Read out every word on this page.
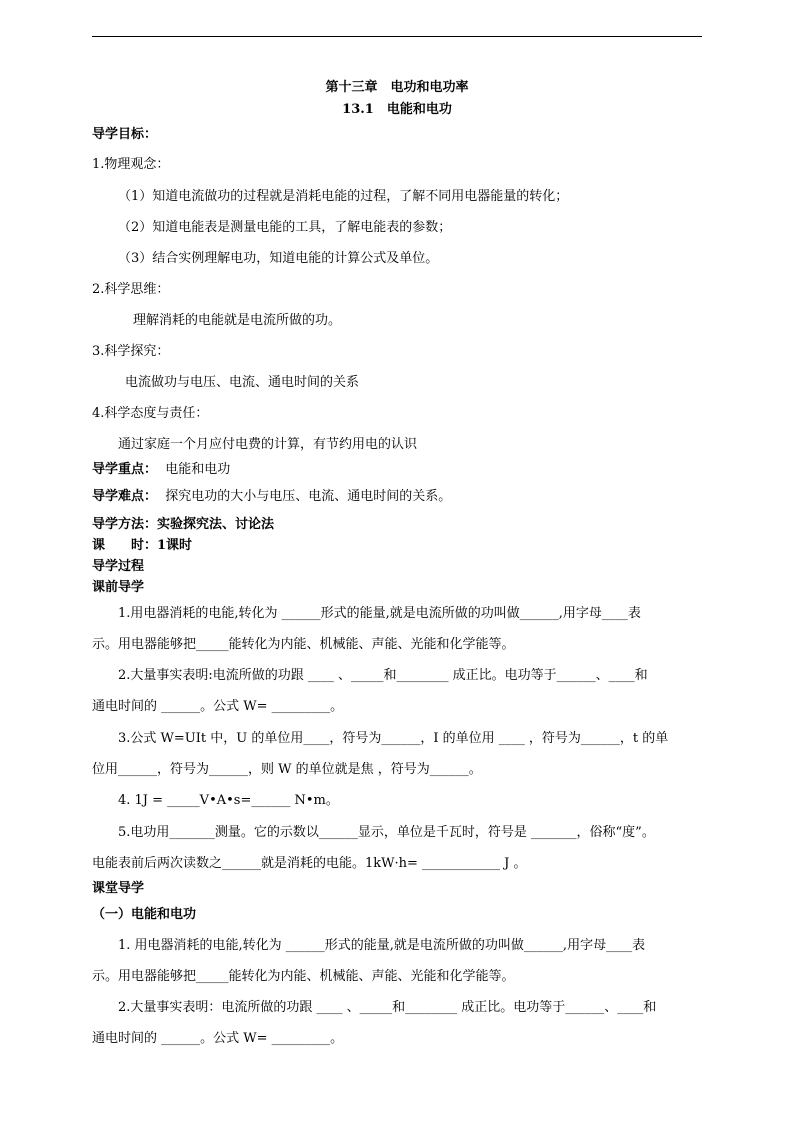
第十三章　电功和电功率
13.1　电能和电功
导学目标：
1.物理观念：
（1）知道电流做功的过程就是消耗电能的过程，了解不同用电器能量的转化；
（2）知道电能表是测量电能的工具，了解电能表的参数；
（3）结合实例理解电功，知道电能的计算公式及单位。
2.科学思维：
理解消耗的电能就是电流所做的功。
3.科学探究：
电流做功与电压、电流、通电时间的关系
4.科学态度与责任：
通过家庭一个月应付电费的计算，有节约用电的认识
导学重点： 电能和电功
导学难点： 探究电功的大小与电压、电流、通电时间的关系。
导学方法：实验探究法、讨论法
课　　时：1课时
导学过程
课前导学
1.用电器消耗的电能,转化为 ______形式的能量,就是电流所做的功叫做______,用字母____表
示。用电器能够把_____能转化为内能、机械能、声能、光能和化学能等。
2.大量事实表明:电流所做的功跟 ____ 、_____和________ 成正比。电功等于______、____和
通电时间的 ______。公式 W= _________。
3.公式 W=UIt 中，U 的单位用____，符号为______，I 的单位用 ____ ，符号为______，t 的单
位用______，符号为______，则 W 的单位就是焦 ，符号为______。
4. 1J = _____V•A•s=______ N•m。
5.电功用_______测量。它的示数以______显示，单位是千瓦时，符号是 _______，俗称“度”。
电能表前后两次读数之______就是消耗的电能。1kW·h= ____________ J 。
课堂导学
（一）电能和电功
1. 用电器消耗的电能,转化为 ______形式的能量,就是电流所做的功叫做______,用字母____表
示。用电器能够把_____能转化为内能、机械能、声能、光能和化学能等。
2.大量事实表明：电流所做的功跟 ____ 、_____和________ 成正比。电功等于______、____和
通电时间的 ______。公式 W= _________。
